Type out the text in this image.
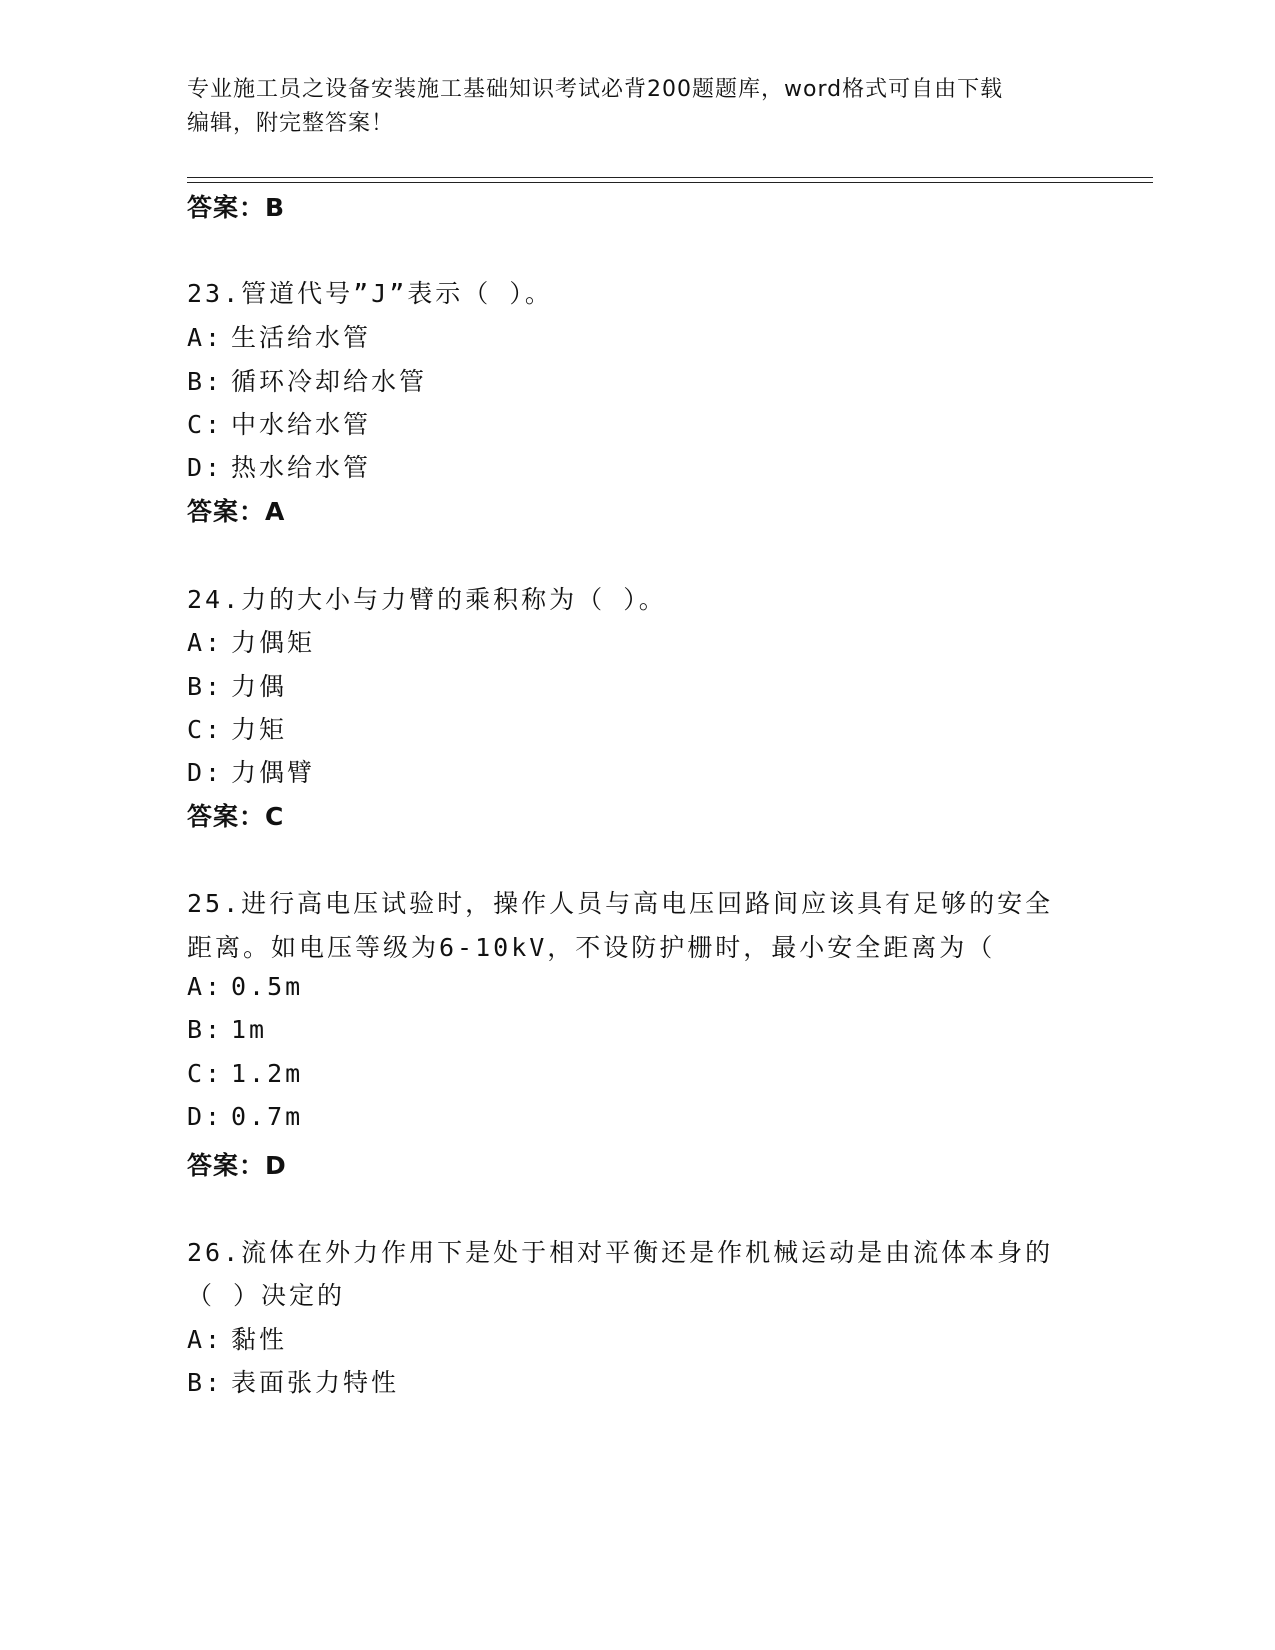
专业施工员之设备安装施工基础知识考试必背200题题库，word格式可自由下载
编辑，附完整答案！
答案：B
23.管道代号”J”表示（ ）。
A: 生活给水管
B: 循环冷却给水管
C: 中水给水管
D: 热水给水管
答案：A
24.力的大小与力臂的乘积称为（ ）。
A: 力偶矩
B: 力偶
C: 力矩
D: 力偶臂
答案：C
25.进行高电压试验时，操作人员与高电压回路间应该具有足够的安全
距离。如电压等级为6-10kV，不设防护栅时，最小安全距离为（
A: 0.5m
B: 1m
C: 1.2m
D: 0.7m
答案：D
26.流体在外力作用下是处于相对平衡还是作机械运动是由流体本身的
（ ）决定的
A: 黏性
B: 表面张力特性
